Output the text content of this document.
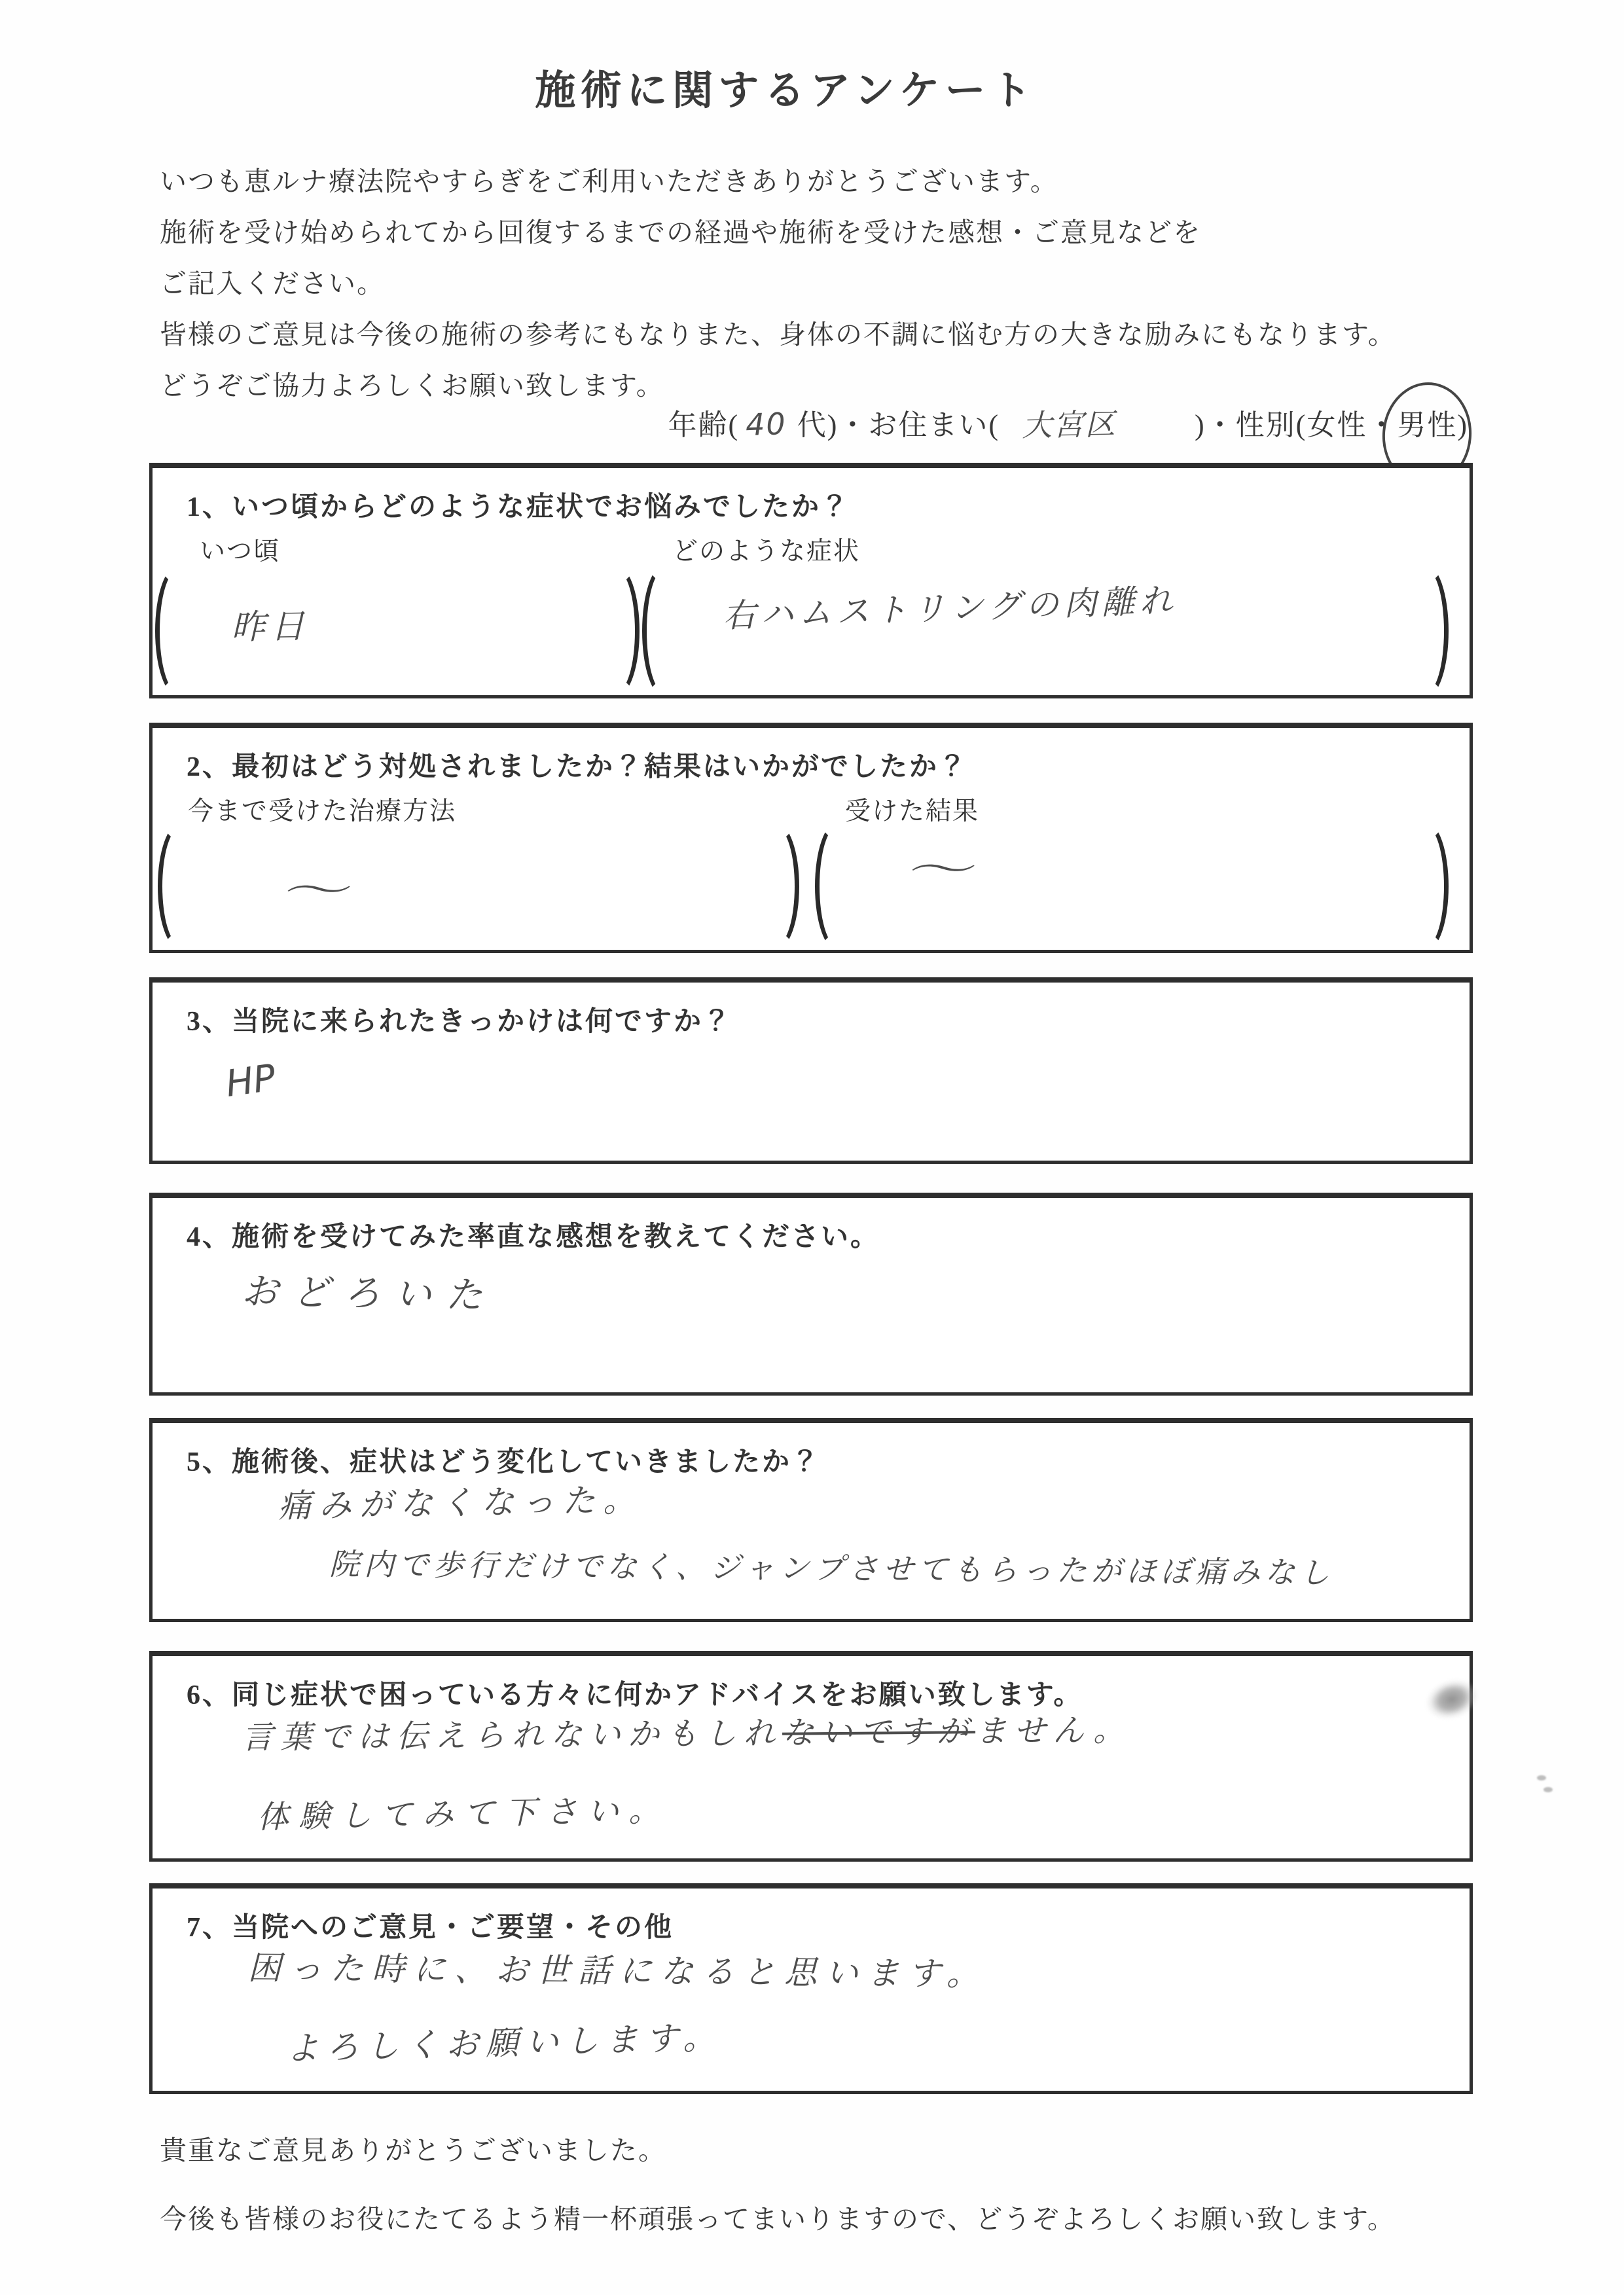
施術に関するアンケート

いつも恵ルナ療法院やすらぎをご利用いただきありがとうございます。

施術を受け始められてから回復するまでの経過や施術を受けた感想・ご意見などを

ご記入ください。

皆様のご意見は今後の施術の参考にもなりまた、身体の不調に悩む方の大きな励みにもなります。

どうぞご協力よろしくお願い致します。

年齢( 40 代)・お住まい( 大宮区	)・性別(女性・男性)

1、いつ頃からどのような症状でお悩みでしたか？

いつ頃	どのような症状
昨日	右ハムストリングの肉離れ

2、最初はどう対処されましたか？結果はいかがでしたか？

今まで受けた治療方法	受けた結果
〜	〜

3、当院に来られたきっかけは何ですか？

HP

4、施術を受けてみた率直な感想を教えてください。

おどろいた

5、施術後、症状はどう変化していきましたか？

痛みがなくなった。
院内で歩行だけでなく、ジャンプさせてもらったがほぼ痛みなし

6、同じ症状で困っている方々に何かアドバイスをお願い致します。

言葉では伝えられないかもしれないですがません。
体験してみて下さい。

7、当院へのご意見・ご要望・その他

困った時に、お世話になると思います。
よろしくお願いします。

貴重なご意見ありがとうございました。

今後も皆様のお役にたてるよう精一杯頑張ってまいりますので、どうぞよろしくお願い致します。
